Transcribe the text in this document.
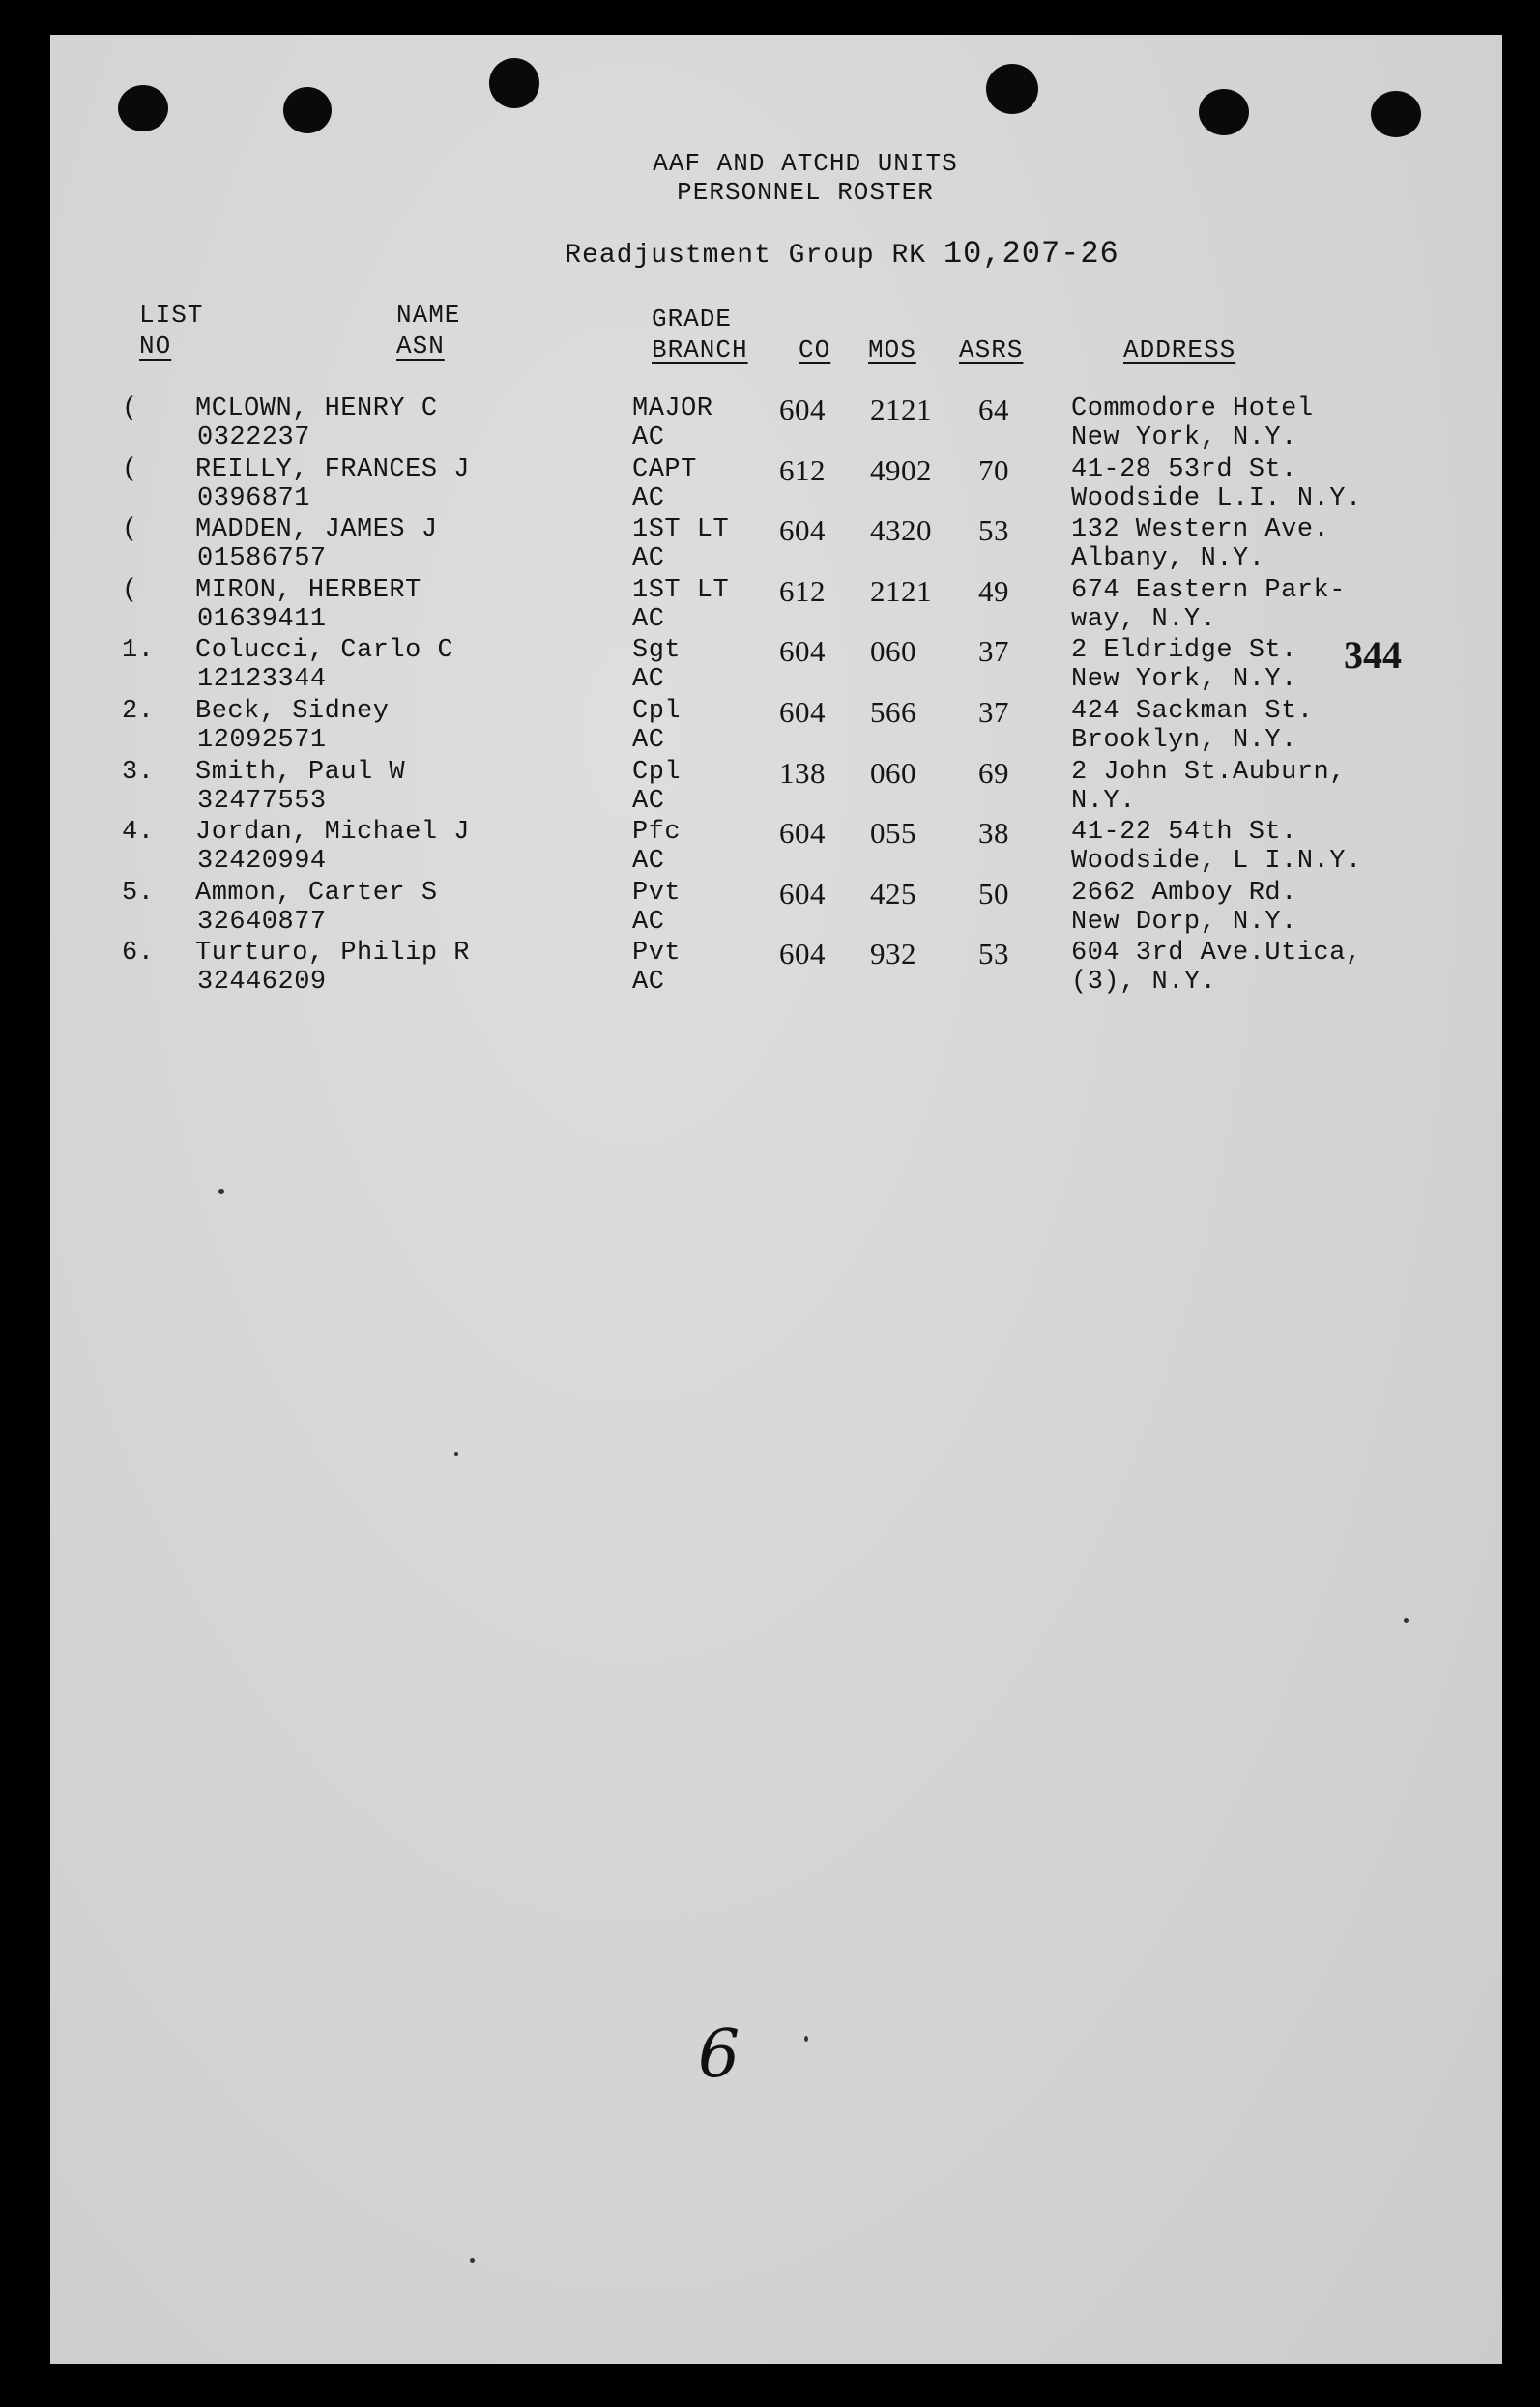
AAF AND ATCHD UNITS
PERSONNEL ROSTER
Readjustment Group RK 10,207-26
LIST
NO
NAME
ASN
GRADE
BRANCH CO MOS ASRS	ADDRESS
( MCLOWN, HENRY C
0322237
MAJOR
AC
604 2121 64 Commodore Hotel
New York, N.Y.
( REILLY, FRANCES J
0396871
CAPT
AC
612 4902 70 41-28 53rd St.
Woodside L.I. N.Y.
( MADDEN, JAMES J
01586757
1ST LT
AC
604 4320 53 132 Western Ave.
Albany, N.Y.
( MIRON, HERBERT
01639411
1ST LT
AC
612 2121 49 674 Eastern Park-
way, N.Y.
1. Colucci, Carlo C
12123344
Sgt
AC
604 060 37 2 Eldridge St.
New York, N.Y.
2. Beck, Sidney
12092571
Cpl
AC
604 566 37 424 Sackman St.
Brooklyn, N.Y.
3. Smith, Paul W
32477553
Cpl
AC
138 060 69 2 John St.Auburn,
N.Y.
4. Jordan, Michael J
32420994
Pfc
AC
604 055 38 41-22 54th St.
Woodside, L I.N.Y.
5. Ammon, Carter S
32640877
Pvt
AC
604 425 50 2662 Amboy Rd.
New Dorp, N.Y.
6. Turturo, Philip R
32446209
Pvt
AC
604 932 53 604 3rd Ave.Utica,
(3), N.Y.
344
6
